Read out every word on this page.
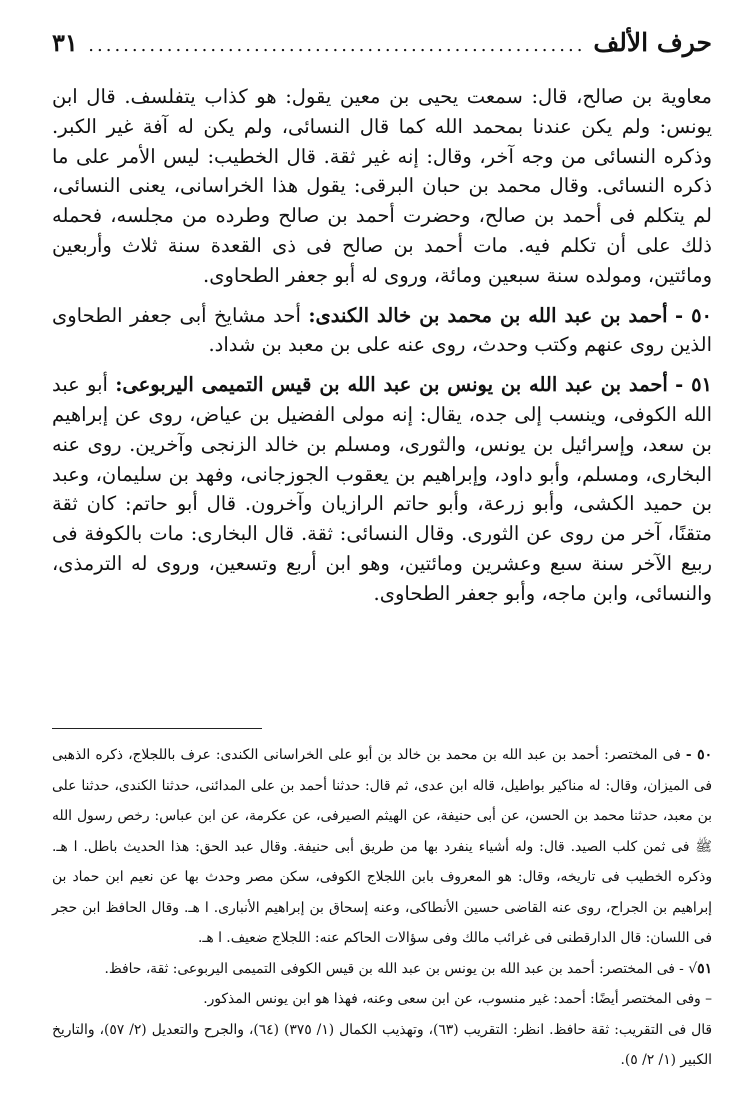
حرف الألف
.....
٣١

معاوية بن صالح، قال: سمعت يحيى بن معين يقول: هو كذاب يتفلسف. قال ابن يونس: ولم يكن عندنا بمحمد الله كما قال النسائى، ولم يكن له آفة غير الكبر. وذكره النسائى من وجه آخر، وقال: إنه غير ثقة. قال الخطيب: ليس الأمر على ما ذكره النسائى. وقال محمد بن حبان البرقى: يقول هذا الخراسانى، يعنى النسائى، لم يتكلم فى أحمد بن صالح، وحضرت أحمد بن صالح وطرده من مجلسه، فحمله ذلك على أن تكلم فيه. مات أحمد بن صالح فى ذى القعدة سنة ثلاث وأربعين ومائتين، ومولده سنة سبعين ومائة، وروى له أبو جعفر الطحاوى.

٥٠ - أحمد بن عبد الله بن محمد بن خالد الكندى: أحد مشايخ أبى جعفر الطحاوى الذين روى عنهم وكتب وحدث، روى عنه على بن معبد بن شداد.

٥١ - أحمد بن عبد الله بن يونس بن عبد الله بن قيس التميمى اليربوعى: أبو عبد الله الكوفى، وينسب إلى جده، يقال: إنه مولى الفضيل بن عياض، روى عن إبراهيم بن سعد، وإسرائيل بن يونس، والثورى، ومسلم بن خالد الزنجى وآخرين. روى عنه البخارى، ومسلم، وأبو داود، وإبراهيم بن يعقوب الجوزجانى، وفهد بن سليمان، وعبد بن حميد الكشى، وأبو زرعة، وأبو حاتم الرازيان وآخرون. قال أبو حاتم: كان ثقة متقنًا، آخر من روى عن الثورى. وقال النسائى: ثقة. قال البخارى: مات بالكوفة فى ربيع الآخر سنة سبع وعشرين ومائتين، وهو ابن أربع وتسعين، وروى له الترمذى، والنسائى، وابن ماجه، وأبو جعفر الطحاوى.

٥٠ - فى المختصر: أحمد بن عبد الله بن محمد بن خالد بن أبو على الخراسانى الكندى: عرف باللجلاج، ذكره الذهبى فى الميزان، وقال: له مناكير بواطيل، قاله ابن عدى، ثم قال: حدثنا أحمد بن على المدائنى، حدثنا الكندى، حدثنا على بن معبد، حدثنا محمد بن الحسن، عن أبى حنيفة، عن الهيثم الصيرفى، عن عكرمة، عن ابن عباس: رخص رسول الله ﷺ فى ثمن كلب الصيد. قال: وله أشياء ينفرد بها من طريق أبى حنيفة. وقال عبد الحق: هذا الحديث باطل. ا هـ. وذكره الخطيب فى تاريخه، وقال: هو المعروف بابن اللجلاج الكوفى، سكن مصر وحدث بها عن نعيم ابن حماد بن إبراهيم بن الجراح، روى عنه القاضى حسين الأنطاكى، وعنه إسحاق بن إبراهيم الأنبارى. ا هـ. وقال الحافظ ابن حجر فى اللسان: قال الدارقطنى فى غرائب مالك وفى سؤالات الحاكم عنه: اللجلاج ضعيف. ا هـ.

٥١√ - فى المختصر: أحمد بن عبد الله بن يونس بن عبد الله بن قيس الكوفى التميمى اليربوعى: ثقة، حافظ.

– وفى المختصر أيضًا: أحمد: غير منسوب، عن ابن سعى وعنه، فهذا هو ابن يونس المذكور.

قال فى التقريب: ثقة حافظ. انظر: التقريب (٦٣)، وتهذيب الكمال (١/ ٣٧٥) (٦٤)، والجرح والتعديل (٢/ ٥٧)، والتاريخ الكبير (١/ ٢/ ٥).
